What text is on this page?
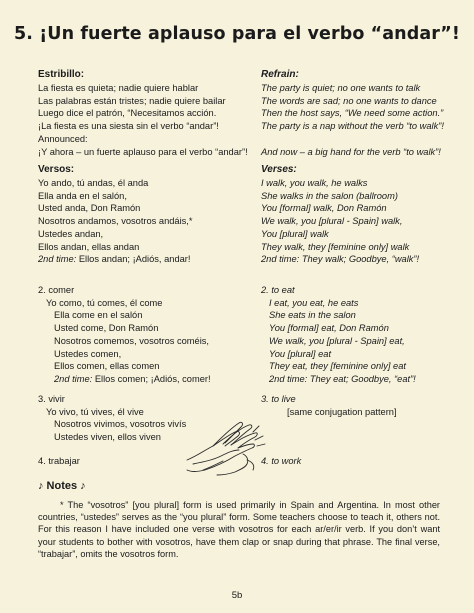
5. ¡Un fuerte aplauso para el verbo “andar”!
Estribillo:
La fiesta es quieta; nadie quiere hablar
Las palabras están tristes; nadie quiere bailar
Luego dice el patrón, “Necesitamos acción.
¡La fiesta es una siesta sin el verbo “andar”!
Announced:
¡Y ahora – un fuerte aplauso para el verbo “andar”!
Refrain:
The party is quiet; no one wants to talk
The words are sad; no one wants to dance
Then the host says, “We need some action.”
The party is a nap without the verb “to walk”!
And now – a big hand for the verb “to walk”!
Versos:
Yo ando, tú andas, él anda
Ella anda en el salón,
Usted anda, Don Ramón
Nosotros andamos, vosotros andáis,*
Ustedes andan,
Ellos andan, ellas andan
2nd time: Ellos andan; ¡Adiós, andar!
Verses:
I walk, you walk, he walks
She walks in the salon (ballroom)
You [formal] walk, Don Ramón
We walk, you [plural - Spain] walk,
You [plural] walk
They walk, they [feminine only] walk
2nd time: They walk; Goodbye, “walk”!
2. comer
Yo como, tú comes, él come
Ella come en el salón
Usted come, Don Ramón
Nosotros comemos, vosotros coméis,
Ustedes comen,
Ellos comen, ellas comen
2nd time: Ellos comen; ¡Adiós, comer!
2. to eat
I eat, you eat, he eats
She eats in the salon
You [formal] eat, Don Ramón
We walk, you [plural - Spain] eat,
You [plural] eat
They eat, they [feminine only] eat
2nd time: They eat; Goodbye, “eat”!
3. vivir
Yo vivo, tú vives, él vive
Nosotros vivimos, vosotros vivís
Ustedes viven, ellos viven
3. to live
[same conjugation pattern]
4. trabajar	4. to work
♪ Notes ♪
* The “vosotros” [you plural] form is used primarily in Spain and Argentina. In most other countries, “ustedes” serves as the “you plural” form. Some teachers choose to teach it, others not. For this reason I have included one verse with vosotros for each ar/er/ir verb. If you don’t want your students to bother with vosotros, have them clap or snap during that phrase. The final verse, “trabajar”, omits the vosotros form.
5b
